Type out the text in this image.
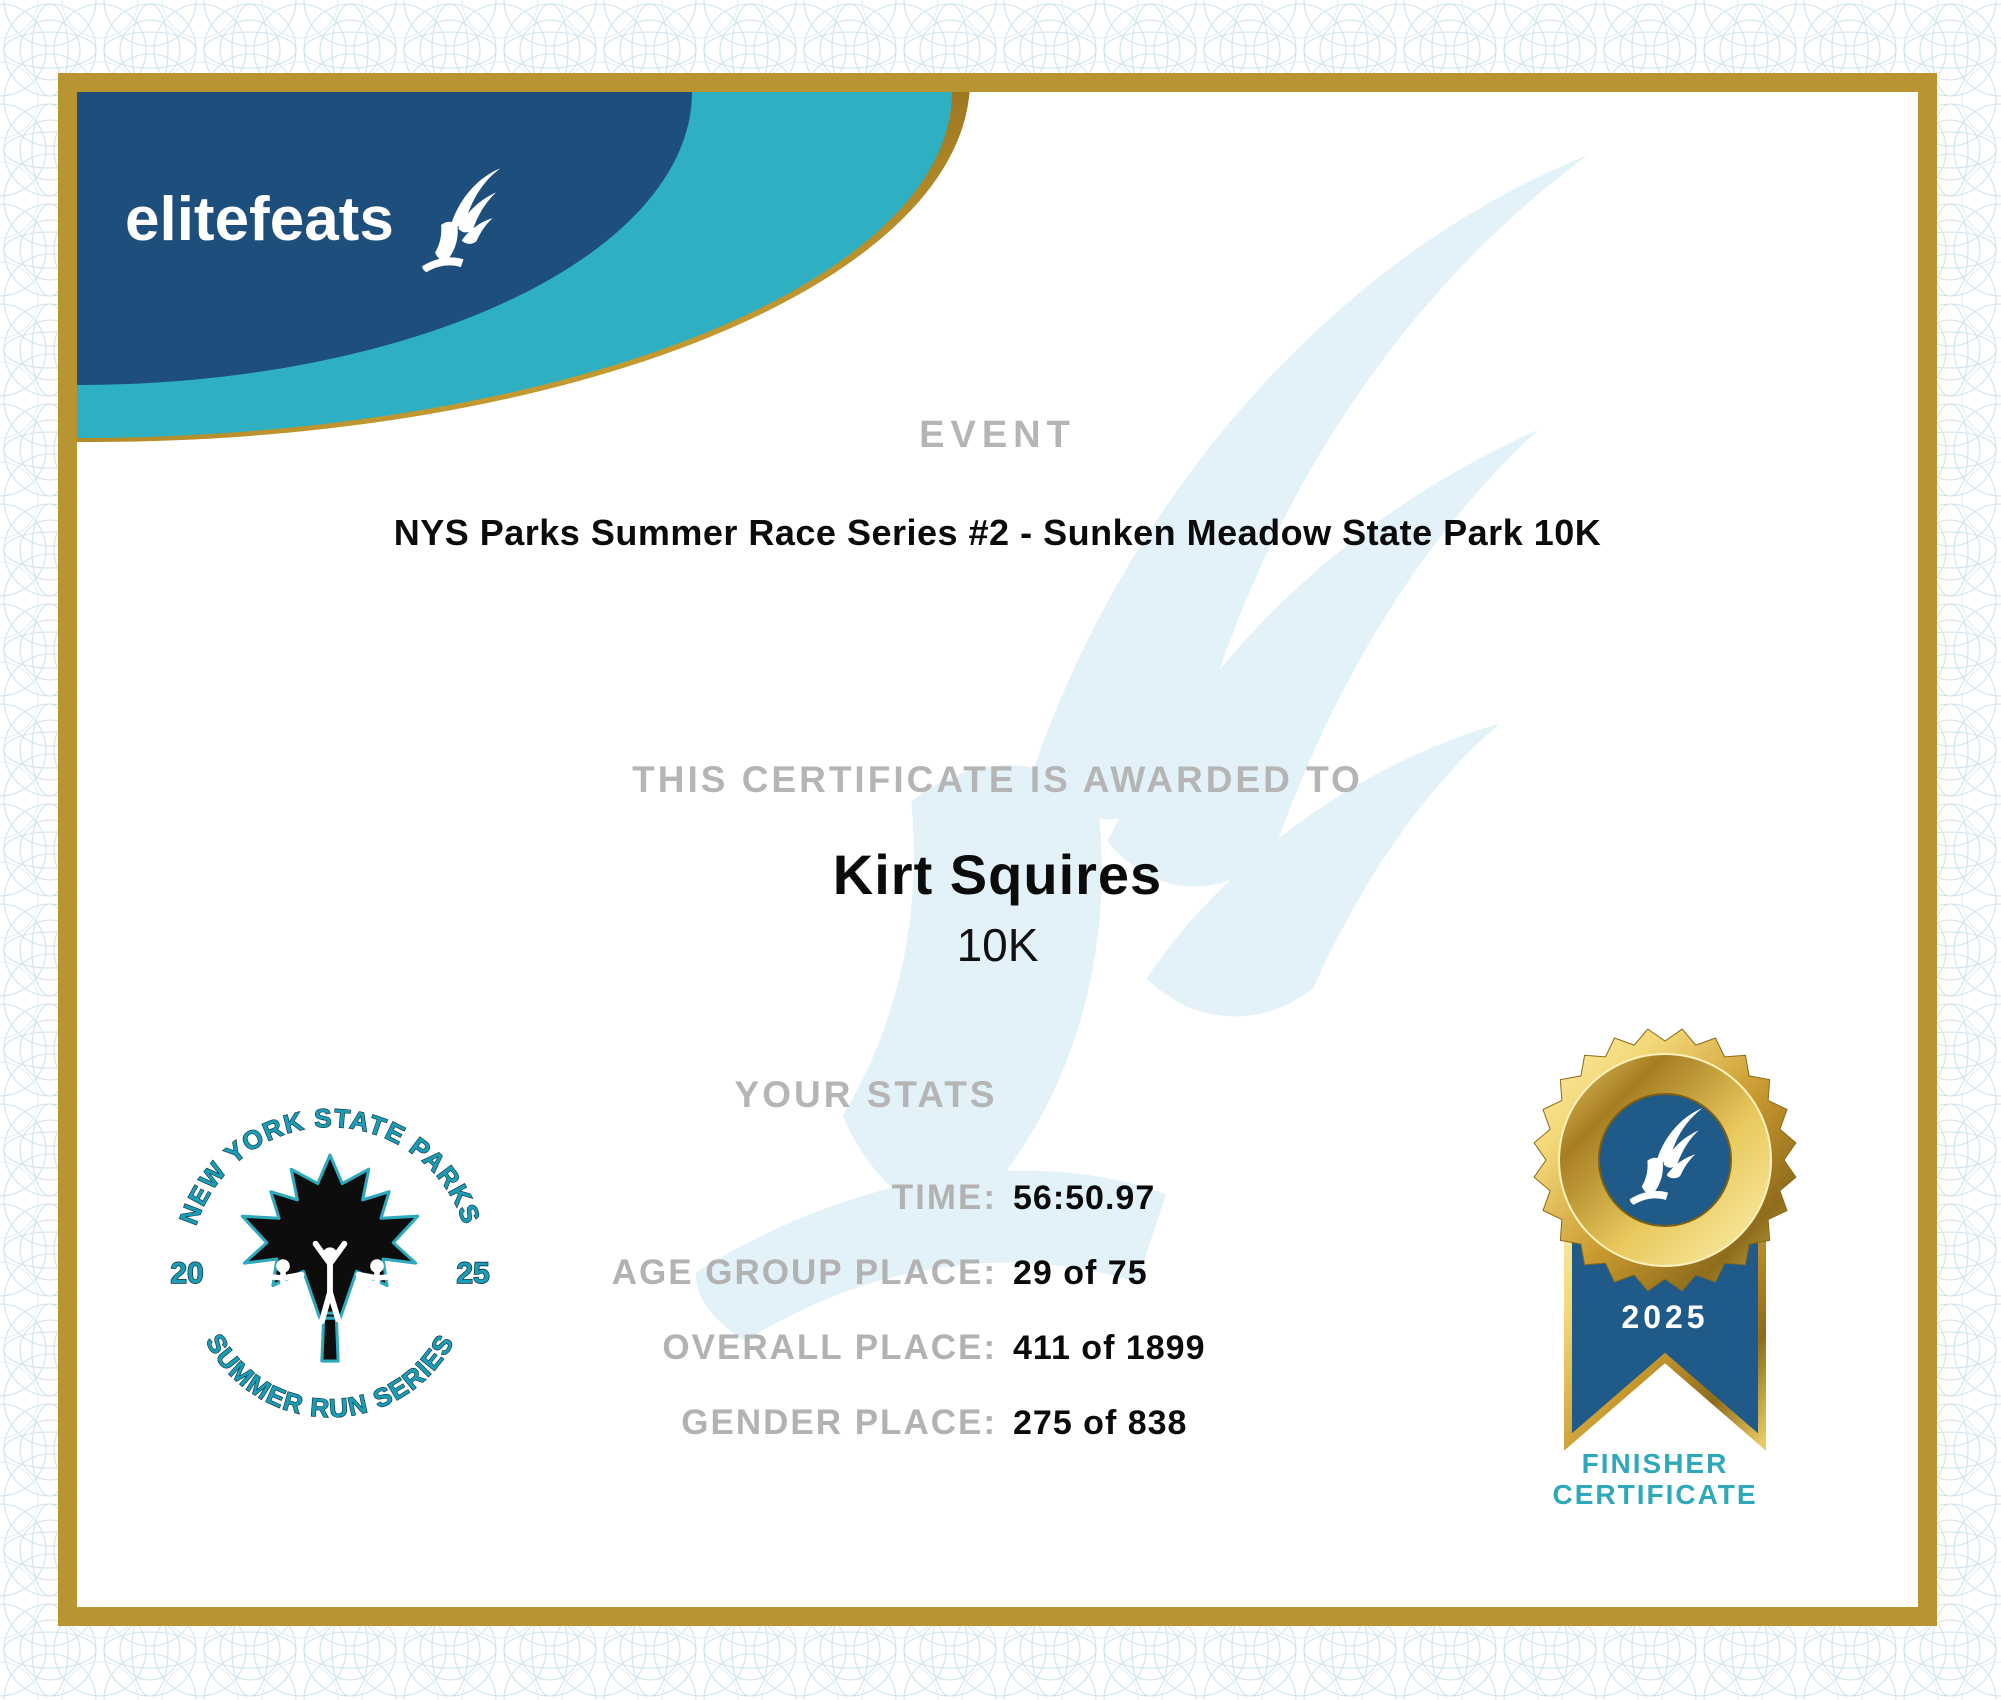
elitefeats
EVENT
NYS Parks Summer Race Series #2 - Sunken Meadow State Park 10K
THIS CERTIFICATE IS AWARDED TO
Kirt Squires
10K
YOUR STATS
TIME: 56:50.97
AGE GROUP PLACE: 29 of 75
OVERALL PLACE: 411 of 1899
GENDER PLACE: 275 of 838
NEW YORK STATE PARKS
SUMMER RUN SERIES
20	25
2025
FINISHER
CERTIFICATE
